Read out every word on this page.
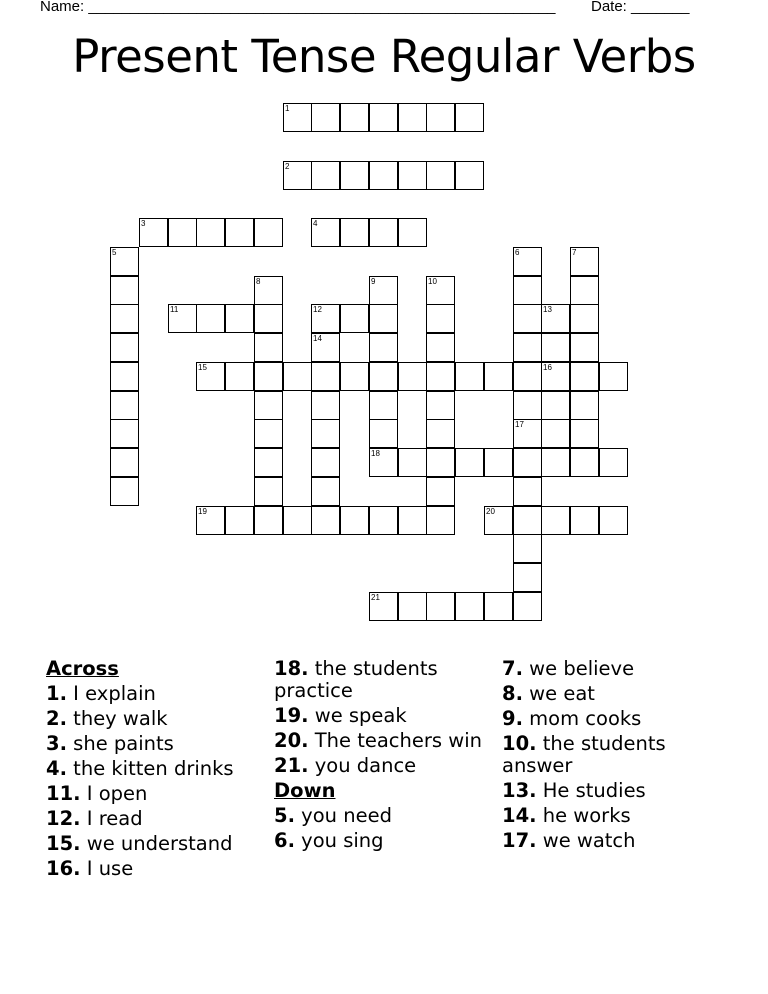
Name: ________________________________________________________ Date: _______
Present Tense Regular Verbs
1
2
3	4
5	6	7
8	9	10
11	12	13
16
14
15
17
18
19	20
21
Across
1. I explain
2. they walk
3. she paints
4. the kitten drinks
11. I open
12. I read
15. we understand
16. I use
18. the students practice
19. we speak
20. The teachers win
21. you dance
Down
5. you need
6. you sing
7. we believe
8. we eat
9. mom cooks
10. the students answer
13. He studies
14. he works
17. we watch
